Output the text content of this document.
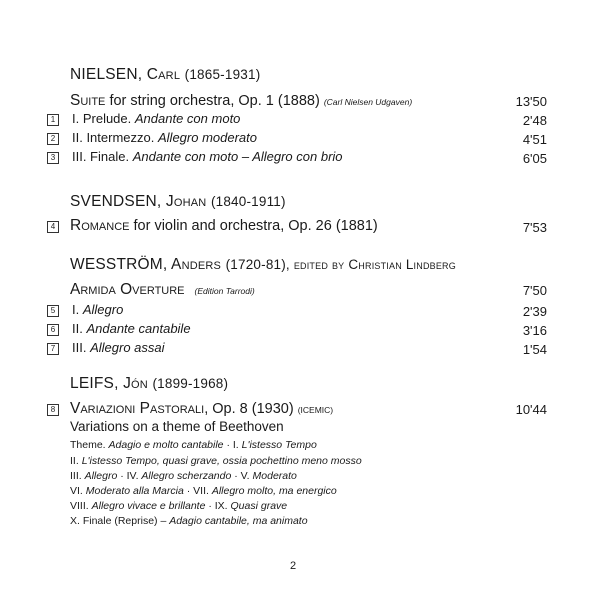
NIELSEN, Carl (1865-1931)
Suite for string orchestra, Op. 1 (1888) (Carl Nielsen Udgaven)	13'50
1 I. Prelude. Andante con moto	2'48
2 II. Intermezzo. Allegro moderato	4'51
3 III. Finale. Andante con moto – Allegro con brio	6'05
SVENDSEN, Johan (1840-1911)
4 Romance for violin and orchestra, Op. 26 (1881)	7'53
WESSTRÖM, Anders (1720-81), edited by Christian Lindberg
Armida Overture (Edition Tarrodi)	7'50
5 I. Allegro	2'39
6 II. Andante cantabile	3'16
7 III. Allegro assai	1'54
LEIFS, Jón (1899-1968)
8 Variazioni Pastorali, Op. 8 (1930) (ICEMIC)	10'44
Variations on a theme of Beethoven
Theme. Adagio e molto cantabile · I. L'istesso Tempo
II. L'istesso Tempo, quasi grave, ossia pochettino meno mosso
III. Allegro · IV. Allegro scherzando · V. Moderato
VI. Moderato alla Marcia · VII. Allegro molto, ma energico
VIII. Allegro vivace e brillante · IX. Quasi grave
X. Finale (Reprise) – Adagio cantabile, ma animato
2
